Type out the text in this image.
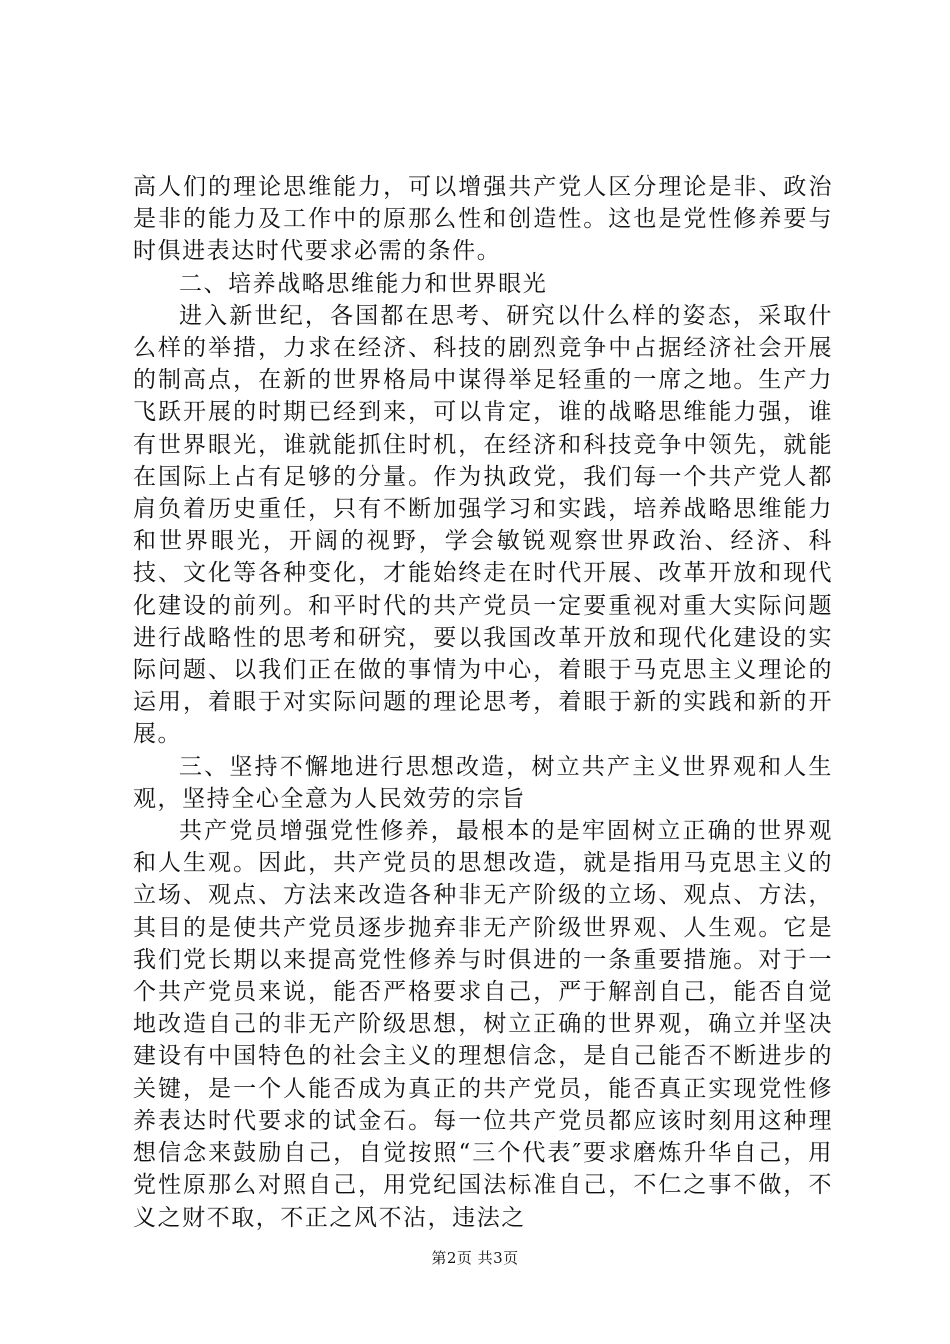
高人们的理论思维能力，可以增强共产党人区分理论是非、政治是非的能力及工作中的原那么性和创造性。这也是党性修养要与时俱进表达时代要求必需的条件。

二、培养战略思维能力和世界眼光

进入新世纪，各国都在思考、研究以什么样的姿态，采取什么样的举措，力求在经济、科技的剧烈竞争中占据经济社会开展的制高点，在新的世界格局中谋得举足轻重的一席之地。生产力飞跃开展的时期已经到来，可以肯定，谁的战略思维能力强，谁有世界眼光，谁就能抓住时机，在经济和科技竞争中领先，就能在国际上占有足够的分量。作为执政党，我们每一个共产党人都肩负着历史重任，只有不断加强学习和实践，培养战略思维能力和世界眼光，开阔的视野，学会敏锐观察世界政治、经济、科技、文化等各种变化，才能始终走在时代开展、改革开放和现代化建设的前列。和平时代的共产党员一定要重视对重大实际问题进行战略性的思考和研究，要以我国改革开放和现代化建设的实际问题、以我们正在做的事情为中心，着眼于马克思主义理论的运用，着眼于对实际问题的理论思考，着眼于新的实践和新的开展。

三、坚持不懈地进行思想改造，树立共产主义世界观和人生观，坚持全心全意为人民效劳的宗旨

共产党员增强党性修养，最根本的是牢固树立正确的世界观和人生观。因此，共产党员的思想改造，就是指用马克思主义的立场、观点、方法来改造各种非无产阶级的立场、观点、方法，其目的是使共产党员逐步抛弃非无产阶级世界观、人生观。它是我们党长期以来提高党性修养与时俱进的一条重要措施。对于一个共产党员来说，能否严格要求自己，严于解剖自己，能否自觉地改造自己的非无产阶级思想，树立正确的世界观，确立并坚决建设有中国特色的社会主义的理想信念，是自己能否不断进步的关键，是一个人能否成为真正的共产党员，能否真正实现党性修养表达时代要求的试金石。每一位共产党员都应该时刻用这种理想信念来鼓励自己，自觉按照“三个代表″要求磨炼升华自己，用党性原那么对照自己，用党纪国法标准自己，不仁之事不做，不义之财不取，不正之风不沾，违法之

第2页 共3页
